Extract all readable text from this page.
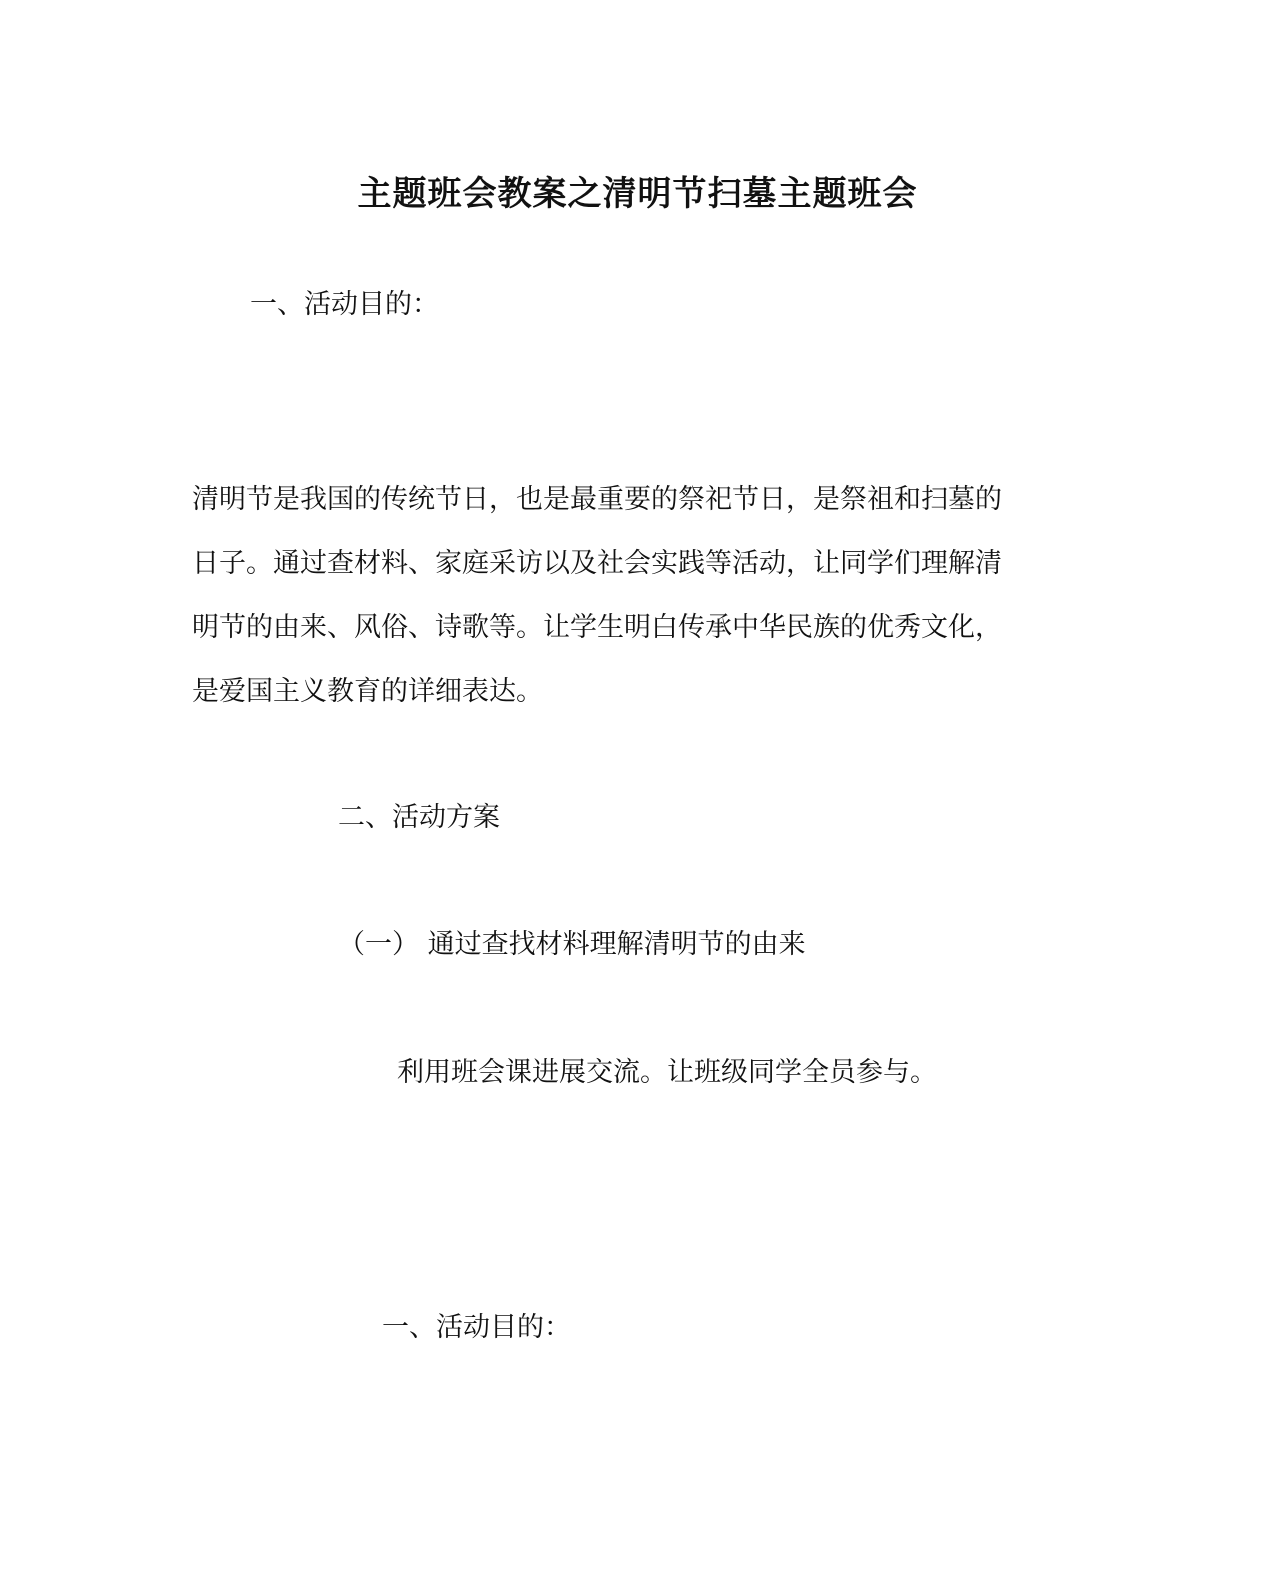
主题班会教案之清明节扫墓主题班会
一、活动目的：
清明节是我国的传统节日，也是最重要的祭祀节日，是祭祖和扫墓的
日子。通过查材料、家庭采访以及社会实践等活动，让同学们理解清
明节的由来、风俗、诗歌等。让学生明白传承中华民族的优秀文化，
是爱国主义教育的详细表达。
二、活动方案
（一） 通过查找材料理解清明节的由来
利用班会课进展交流。让班级同学全员参与。
一、活动目的：
